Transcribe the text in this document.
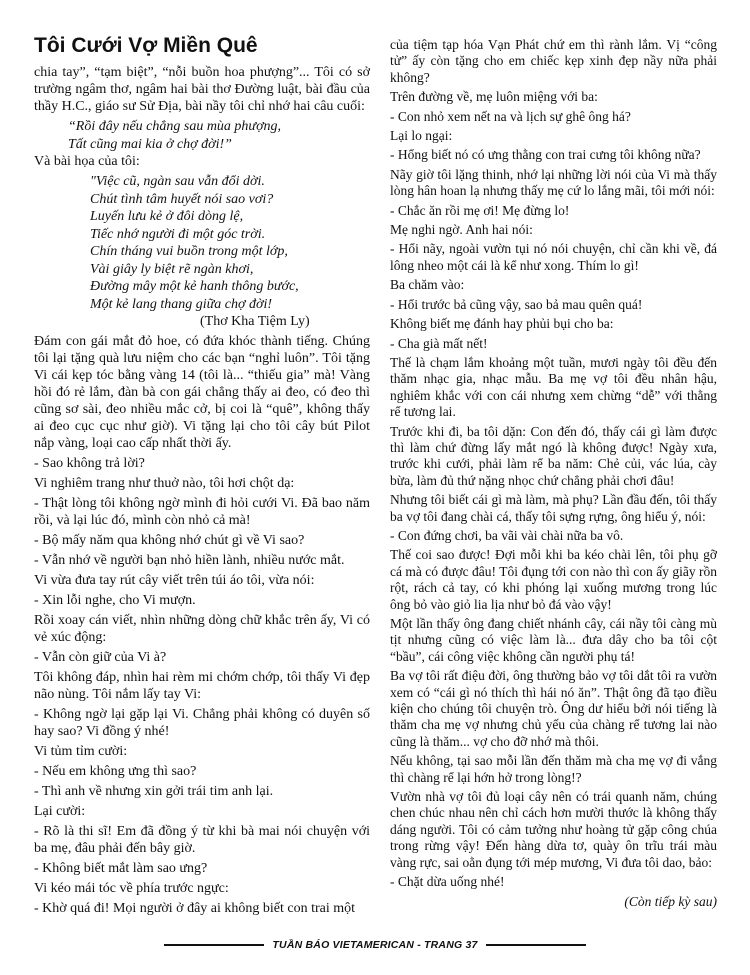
Tôi Cưới Vợ Miền Quê

chia tay”, “tạm biệt”, “nỗi buồn hoa phượng”... Tôi có sở trường ngâm thơ, ngâm hai bài thơ Đường luật, bài đầu của thầy H.C., giáo sư Sử Địa, bài nầy tôi chỉ nhớ hai câu cuối:

“Rồi đây nếu chẳng sau mùa phượng,

Tất cũng mai kia ở chợ đời!”

Và bài họa của tôi:

"Việc cũ, ngàn sau vẫn đổi dời.

Chút tình tâm huyết nói sao vơi?

Luyến lưu kẻ ở đôi dòng lệ,

Tiếc nhớ người đi một góc trời.

Chín tháng vui buồn trong một lớp,

Vài giây ly biệt rẽ ngàn khơi,

Đường mây một kẻ hanh thông bước,

Một kẻ lang thang giữa chợ đời!

(Thơ Kha Tiệm Ly)

Đám con gái mắt đỏ hoe, có đứa khóc thành tiếng. Chúng tôi lại tặng quà lưu niệm cho các bạn “nghỉ luôn”. Tôi tặng Vi cái kẹp tóc bằng vàng 14 (tôi là... “thiếu gia” mà! Vàng hồi đó rẻ lắm, đàn bà con gái chẳng thấy ai đeo, có đeo thì cũng sơ sài, đeo nhiều mắc cở, bị coi là “quê”, không thấy ai đeo cục cục như giờ). Vi tặng lại cho tôi cây bút Pilot nắp vàng, loại cao cấp nhất thời ấy.

- Sao không trả lời?

Vi nghiêm trang như thuở nào, tôi hơi chột dạ:

- Thật lòng tôi không ngờ mình đi hỏi cưới Vi. Đã bao năm rồi, và lại lúc đó, mình còn nhỏ cả mà!

- Bộ mấy năm qua không nhớ chút gì về Vi sao?

- Vẫn nhớ về người bạn nhỏ hiền lành, nhiều nước mắt.

Vi vừa đưa tay rút cây viết trên túi áo tôi, vừa nói:

- Xin lỗi nghe, cho Vi mượn.

Rồi xoay cán viết, nhìn những dòng chữ khắc trên ấy, Vi có vẻ xúc động:

- Vẫn còn giữ của Vi à?

Tôi không đáp, nhìn hai rèm mi chớm chớp, tôi thấy Vi đẹp não nùng. Tôi nắm lấy tay Vi:

- Không ngờ lại gặp lại Vi. Chẳng phải không có duyên số hay sao? Vi đồng ý nhé!

Vi tủm tỉm cười:

- Nếu em không ưng thì sao?

- Thì anh về nhưng xin gởi trái tim anh lại.

Lại cười:

- Rõ là thi sĩ! Em đã đồng ý từ khi bà mai nói chuyện với ba mẹ, đâu phải đến bây giờ.

- Không biết mắt làm sao ưng?

Vi kéo mái tóc về phía trước ngực:

- Khờ quá đi! Mọi người ở đây ai không biết con trai một

của tiệm tạp hóa Vạn Phát chứ em thì rành lắm. Vị “công tử” ấy còn tặng cho em chiếc kẹp xinh đẹp nầy nữa phải không?

Trên đường về, mẹ luôn miệng với ba:

- Con nhỏ xem nết na và lịch sự ghê ông há?

Lại lo ngại:

- Hổng biết nó có ưng thằng con trai cưng tôi không nữa?

Nãy giờ tôi lặng thinh, nhớ lại những lời nói của Vi mà thấy lòng hân hoan lạ nhưng thấy mẹ cứ lo lắng mãi, tôi mới nói:

- Chắc ăn rồi mẹ ơi! Mẹ đừng lo!

Mẹ nghi ngờ. Anh hai nói:

- Hổi nãy, ngoài vườn tụi nó nói chuyện, chỉ cần khi về, đá lông nheo một cái là kể như xong. Thím lo gì!

Ba chăm vào:

- Hổi trước bả cũng vậy, sao bả mau quên quá!

Không biết mẹ đánh hay phủi bụi cho ba:

- Cha già mất nết!

Thế là chạm lắm khoảng một tuần, mươi ngày tôi đều đến thăm nhạc gia, nhạc mẫu. Ba mẹ vợ tôi đều nhân hậu, nghiêm khắc với con cái nhưng xem chừng “dễ” với thằng rể tương lai.

Trước khi đi, ba tôi dặn: Con đến đó, thấy cái gì làm được thì làm chứ đừng lấy mắt ngó là không được! Ngày xưa, trước khi cưới, phải làm rể ba năm: Chẻ củi, vác lúa, cày bừa, làm đủ thứ nặng nhọc chứ chẳng phải chơi đâu!

Nhưng tôi biết cái gì mà làm, mà phụ? Lần đầu đến, tôi thấy ba vợ tôi đang chài cá, thấy tôi sựng rựng, ông hiểu ý, nói:

- Con đứng chơi, ba vãi vài chài nữa ba vô.

Thế coi sao được! Đợi mỗi khi ba kéo chài lên, tôi phụ gỡ cá mà có được đâu! Tôi đụng tới con nào thì con ấy giãy rồn rột, rách cả tay, có khi phóng lại xuống mương trong lúc ông bỏ vào giỏ lia lịa như bỏ đá vào vậy!

Một lần thấy ông đang chiết nhánh cây, cái nầy tôi càng mù tịt nhưng cũng có việc làm là... đưa dây cho ba tôi cột “bầu”, cái công việc không cần người phụ tá!

Ba vợ tôi rất điệu đời, ông thường bảo vợ tôi dắt tôi ra vườn xem có “cái gì nó thích thì hái nó ăn”. Thật ông đã tạo điều kiện cho chúng tôi chuyện trò. Ông dư hiểu bởi nói tiếng là thăm cha mẹ vợ nhưng chủ yếu của chàng rể tương lai nào cũng là thăm... vợ cho đỡ nhớ mà thôi.

Nếu không, tại sao mỗi lần đến thăm mà cha mẹ vợ đi vắng thì chàng rể lại hớn hở trong lòng!?

Vườn nhà vợ tôi đủ loại cây nên có trái quanh năm, chúng chen chúc nhau nên chỉ cách hơn mười thước là không thấy dáng người. Tôi có cảm tưởng như hoàng tử gặp công chúa trong rừng vậy! Đến hàng dừa tơ, quày ôn trĩu trái màu vàng rực, sai oằn đụng tới mép mương, Vi đưa tôi dao, bảo:

- Chặt dừa uống nhé!

(Còn tiếp kỳ sau)
TUẦN BÁO VIETAMERICAN - TRANG 37
